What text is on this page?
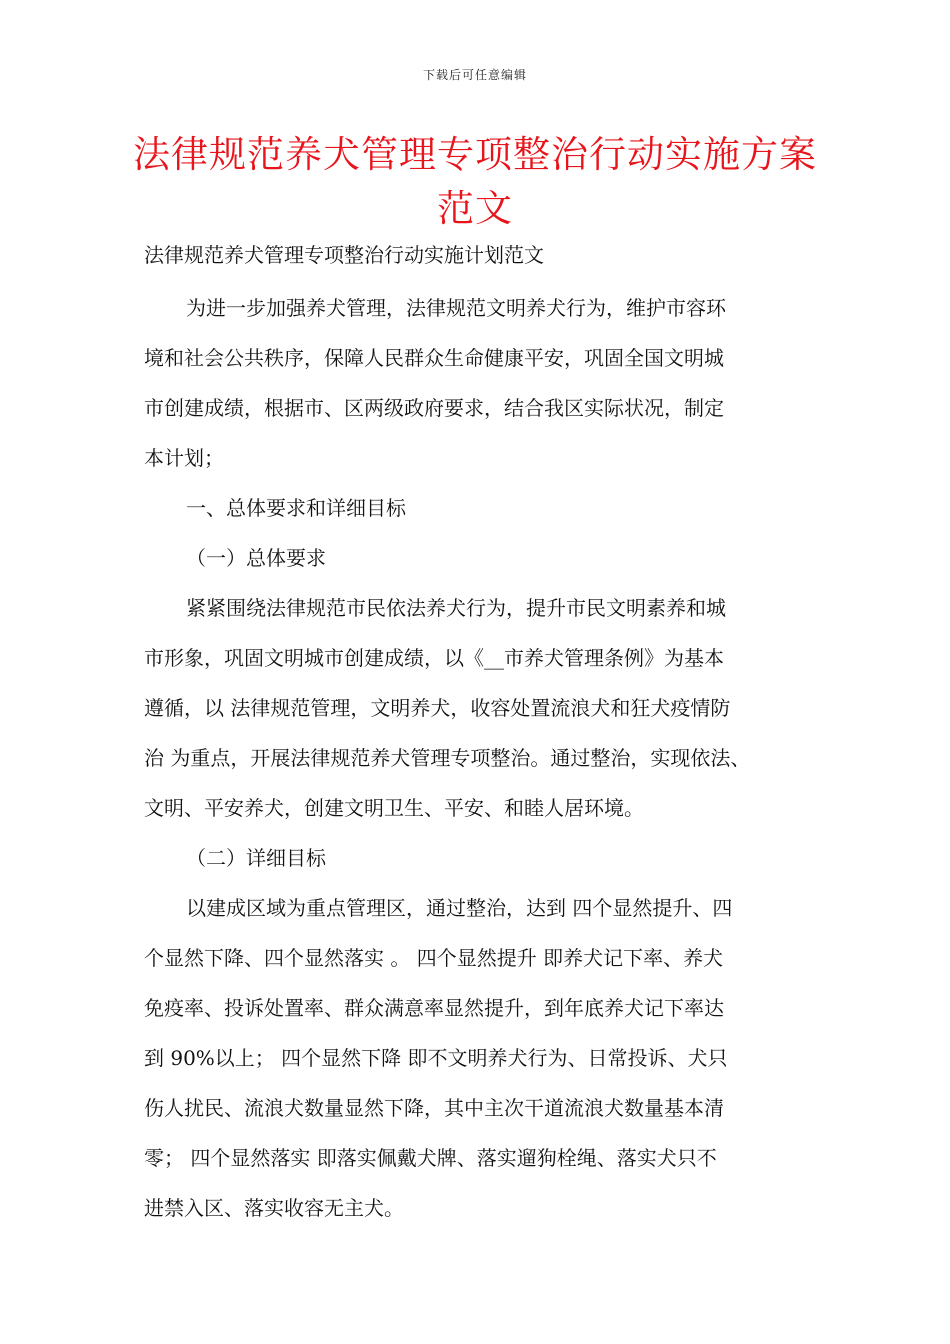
下载后可任意编辑
法律规范养犬管理专项整治行动实施方案
范文
法律规范养犬管理专项整治行动实施计划范文
为进一步加强养犬管理，法律规范文明养犬行为，维护市容环
境和社会公共秩序，保障人民群众生命健康平安，巩固全国文明城
市创建成绩，根据市、区两级政府要求，结合我区实际状况，制定
本计划；
一、总体要求和详细目标
（一）总体要求
紧紧围绕法律规范市民依法养犬行为，提升市民文明素养和城
市形象，巩固文明城市创建成绩，以《__市养犬管理条例》为基本
遵循，以 法律规范管理，文明养犬，收容处置流浪犬和狂犬疫情防
治 为重点，开展法律规范养犬管理专项整治。通过整治，实现依法、
文明、平安养犬，创建文明卫生、平安、和睦人居环境。
（二）详细目标
以建成区域为重点管理区，通过整治，达到 四个显然提升、四
个显然下降、四个显然落实 。 四个显然提升 即养犬记下率、养犬
免疫率、投诉处置率、群众满意率显然提升，到年底养犬记下率达
到 90%以上； 四个显然下降 即不文明养犬行为、日常投诉、犬只
伤人扰民、流浪犬数量显然下降，其中主次干道流浪犬数量基本清
零； 四个显然落实 即落实佩戴犬牌、落实遛狗栓绳、落实犬只不
进禁入区、落实收容无主犬。
